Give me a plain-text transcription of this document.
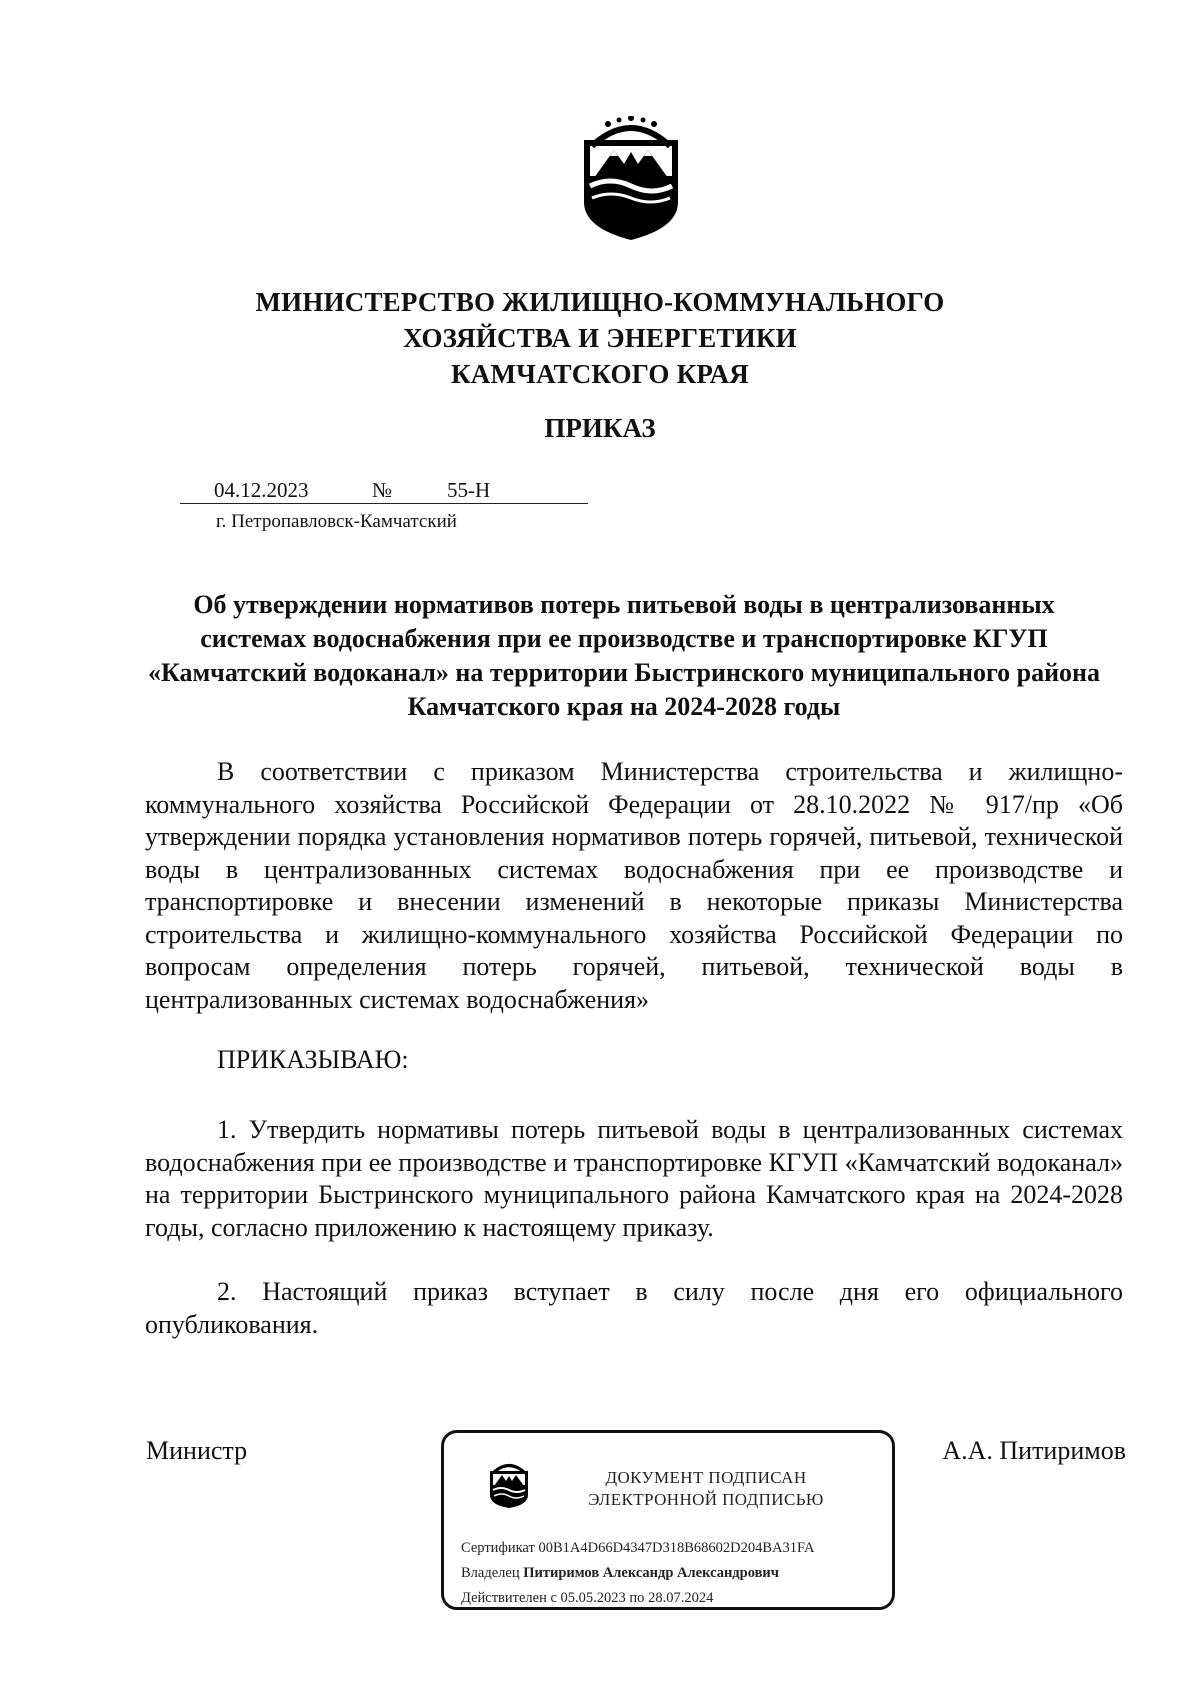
МИНИСТЕРСТВО ЖИЛИЩНО-КОММУНАЛЬНОГО
ХОЗЯЙСТВА И ЭНЕРГЕТИКИ
КАМЧАТСКОГО КРАЯ
ПРИКАЗ
04.12.2023	№	55-Н
г. Петропавловск-Камчатский
Об утверждении нормативов потерь питьевой воды в централизованных системах водоснабжения при ее производстве и транспортировке КГУП «Камчатский водоканал» на территории Быстринского муниципального района Камчатского края на 2024-2028 годы
В соответствии с приказом Министерства строительства и жилищно-коммунального хозяйства Российской Федерации от 28.10.2022 № 917/пр «Об утверждении порядка установления нормативов потерь горячей, питьевой, технической воды в централизованных системах водоснабжения при ее производстве и транспортировке и внесении изменений в некоторые приказы Министерства строительства и жилищно-коммунального хозяйства Российской Федерации по вопросам определения потерь горячей, питьевой, технической воды в централизованных системах водоснабжения»
ПРИКАЗЫВАЮ:
1. Утвердить нормативы потерь питьевой воды в централизованных системах водоснабжения при ее производстве и транспортировке КГУП «Камчатский водоканал» на территории Быстринского муниципального района Камчатского края на 2024-2028 годы, согласно приложению к настоящему приказу.
2. Настоящий приказ вступает в силу после дня его официального опубликования.
Министр	А.А. Питиримов
ДОКУМЕНТ ПОДПИСАН
ЭЛЕКТРОННОЙ ПОДПИСЬЮ
Сертификат 00B1A4D66D4347D318B68602D204BA31FA
Владелец Питиримов Александр Александрович
Действителен с 05.05.2023 по 28.07.2024
